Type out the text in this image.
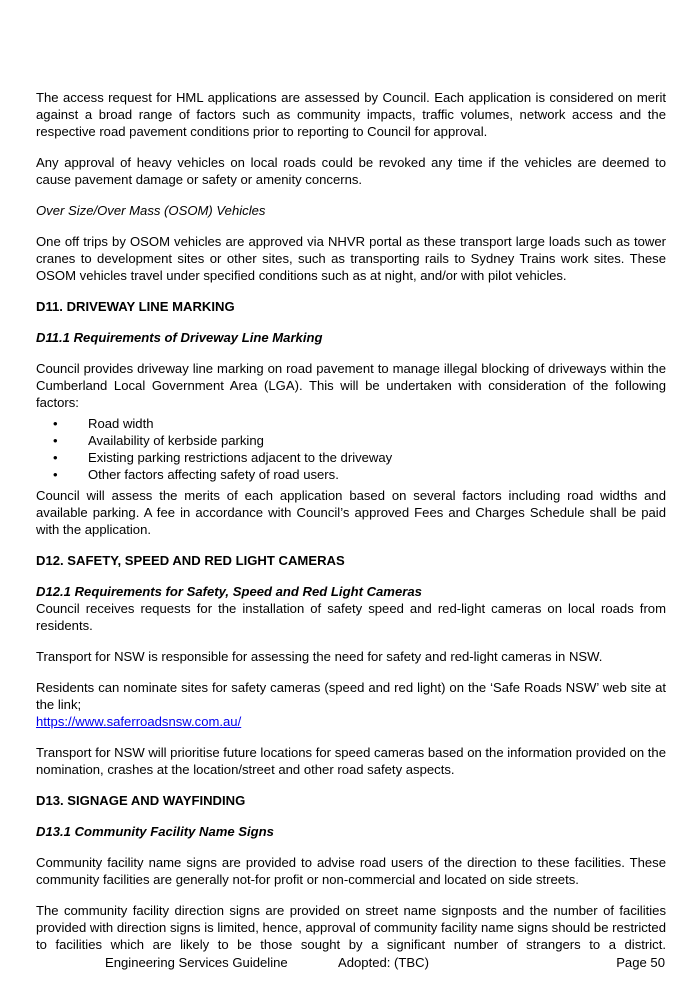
The access request for HML applications are assessed by Council. Each application is considered on merit against a broad range of factors such as community impacts, traffic volumes, network access and the respective road pavement conditions prior to reporting to Council for approval.

Any approval of heavy vehicles on local roads could be revoked any time if the vehicles are deemed to cause pavement damage or safety or amenity concerns.

Over Size/Over Mass (OSOM) Vehicles

One off trips by OSOM vehicles are approved via NHVR portal as these transport large loads such as tower cranes to development sites or other sites, such as transporting rails to Sydney Trains work sites. These OSOM vehicles travel under specified conditions such as at night, and/or with pilot vehicles.

D11. DRIVEWAY LINE MARKING

D11.1 Requirements of Driveway Line Marking

Council provides driveway line marking on road pavement to manage illegal blocking of driveways within the Cumberland Local Government Area (LGA). This will be undertaken with consideration of the following factors:

• Road width
• Availability of kerbside parking
• Existing parking restrictions adjacent to the driveway
• Other factors affecting safety of road users.

Council will assess the merits of each application based on several factors including road widths and available parking. A fee in accordance with Council’s approved Fees and Charges Schedule shall be paid with the application.

D12. SAFETY, SPEED AND RED LIGHT CAMERAS

D12.1 Requirements for Safety, Speed and Red Light Cameras

Council receives requests for the installation of safety speed and red-light cameras on local roads from residents.

Transport for NSW is responsible for assessing the need for safety and red-light cameras in NSW.

Residents can nominate sites for safety cameras (speed and red light) on the ‘Safe Roads NSW’ web site at the link;

https://www.saferroadsnsw.com.au/

Transport for NSW will prioritise future locations for speed cameras based on the information provided on the nomination, crashes at the location/street and other road safety aspects.

D13. SIGNAGE AND WAYFINDING

D13.1 Community Facility Name Signs

Community facility name signs are provided to advise road users of the direction to these facilities. These community facilities are generally not-for profit or non-commercial and located on side streets.

The community facility direction signs are provided on street name signposts and the number of facilities provided with direction signs is limited, hence, approval of community facility name signs should be restricted to facilities which are likely to be those sought by a significant number of strangers to a district.

Engineering Services Guideline	Adopted: (TBC)	Page 50
